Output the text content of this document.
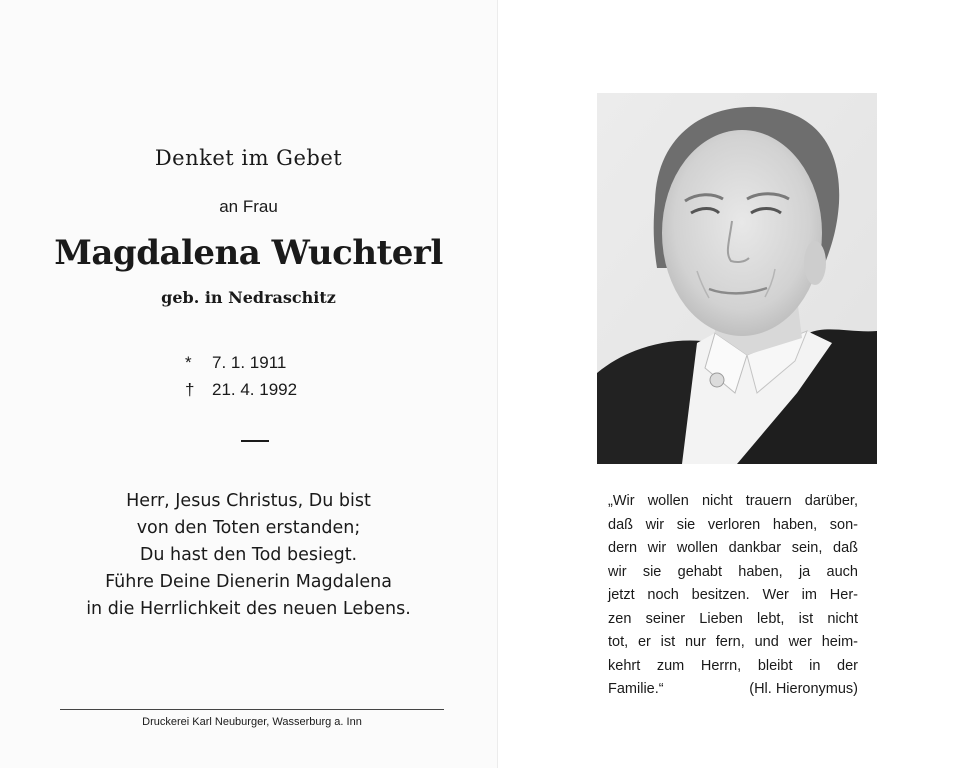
Denket im Gebet
an Frau
Magdalena Wuchterl
geb. in Nedraschitz
*	7. 1. 1911
†	21. 4. 1992
Herr, Jesus Christus, Du bist
von den Toten erstanden;
Du hast den Tod besiegt.
Führe Deine Dienerin Magdalena
in die Herrlichkeit des neuen Lebens.
Druckerei Karl Neuburger, Wasserburg a. Inn
„Wir wollen nicht trauern darüber,
daß wir sie verloren haben, son-
dern wir wollen dankbar sein, daß
wir sie gehabt haben, ja auch
jetzt noch besitzen. Wer im Her-
zen seiner Lieben lebt, ist nicht
tot, er ist nur fern, und wer heim-
kehrt zum Herrn, bleibt in der
Familie.“	(Hl. Hieronymus)
